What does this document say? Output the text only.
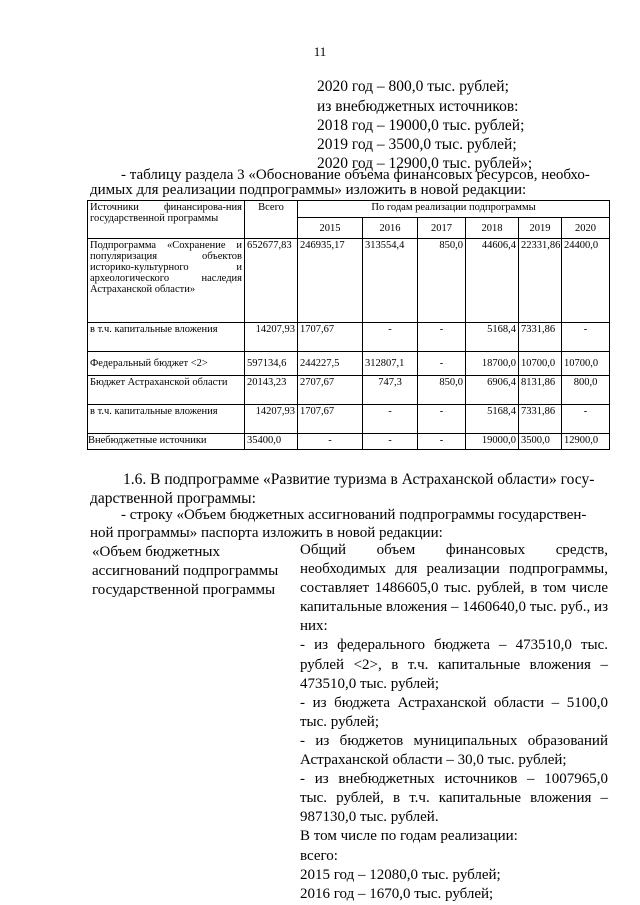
11
2020 год – 800,0 тыс. рублей;
из внебюджетных источников:
2018 год – 19000,0 тыс. рублей;
2019 год – 3500,0 тыс. рублей;
2020 год – 12900,0 тыс. рублей»;
- таблицу раздела 3 «Обоснование объема финансовых ресурсов, необхо-
димых для реализации подпрограммы» изложить в новой редакции:
Источники финансирова-ния государственной программы	Всего	По годам реализации подпрограммы					
		2015	2016	2017	2018	2019	2020
Подпрограмма «Сохранение и популяризация объектов историко-культурного и археологического наследия Астраханской области»	652677,83	246935,17	313554,4	850,0	44606,4	22331,86	24400,0
в т.ч. капитальные вложения	14207,93	1707,67	-	-	5168,4	7331,86	-
Федеральный бюджет <2>	597134,6	244227,5	312807,1	-	18700,0	10700,0	10700,0
Бюджет Астраханской области	20143,23	2707,67	747,3	850,0	6906,4	8131,86	800,0
в т.ч. капитальные вложения	14207,93	1707,67	-	-	5168,4	7331,86	-
Внебюджетные источники	35400,0	-	-	-	19000,0	3500,0	12900,0
1.6. В подпрограмме «Развитие туризма в Астраханской области» госу-
дарственной программы:
- строку «Объем бюджетных ассигнований подпрограммы государствен-
ной программы» паспорта изложить в новой редакции:
«Объем бюджетных ассигнований подпрограммы государственной программы

Общий объем финансовых средств, необходимых для реализации подпрограммы, составляет 1486605,0 тыс. рублей, в том числе капитальные вложения – 1460640,0 тыс. руб., из них:

- из федерального бюджета – 473510,0 тыс. рублей <2>, в т.ч. капитальные вложения – 473510,0 тыс. рублей;

- из бюджета Астраханской области – 5100,0 тыс. рублей;

- из бюджетов муниципальных образований Астраханской области – 30,0 тыс. рублей;

- из внебюджетных источников – 1007965,0 тыс. рублей, в т.ч. капитальные вложения – 987130,0 тыс. рублей.

В том числе по годам реализации:

всего:

2015 год – 12080,0 тыс. рублей;

2016 год – 1670,0 тыс. рублей;
